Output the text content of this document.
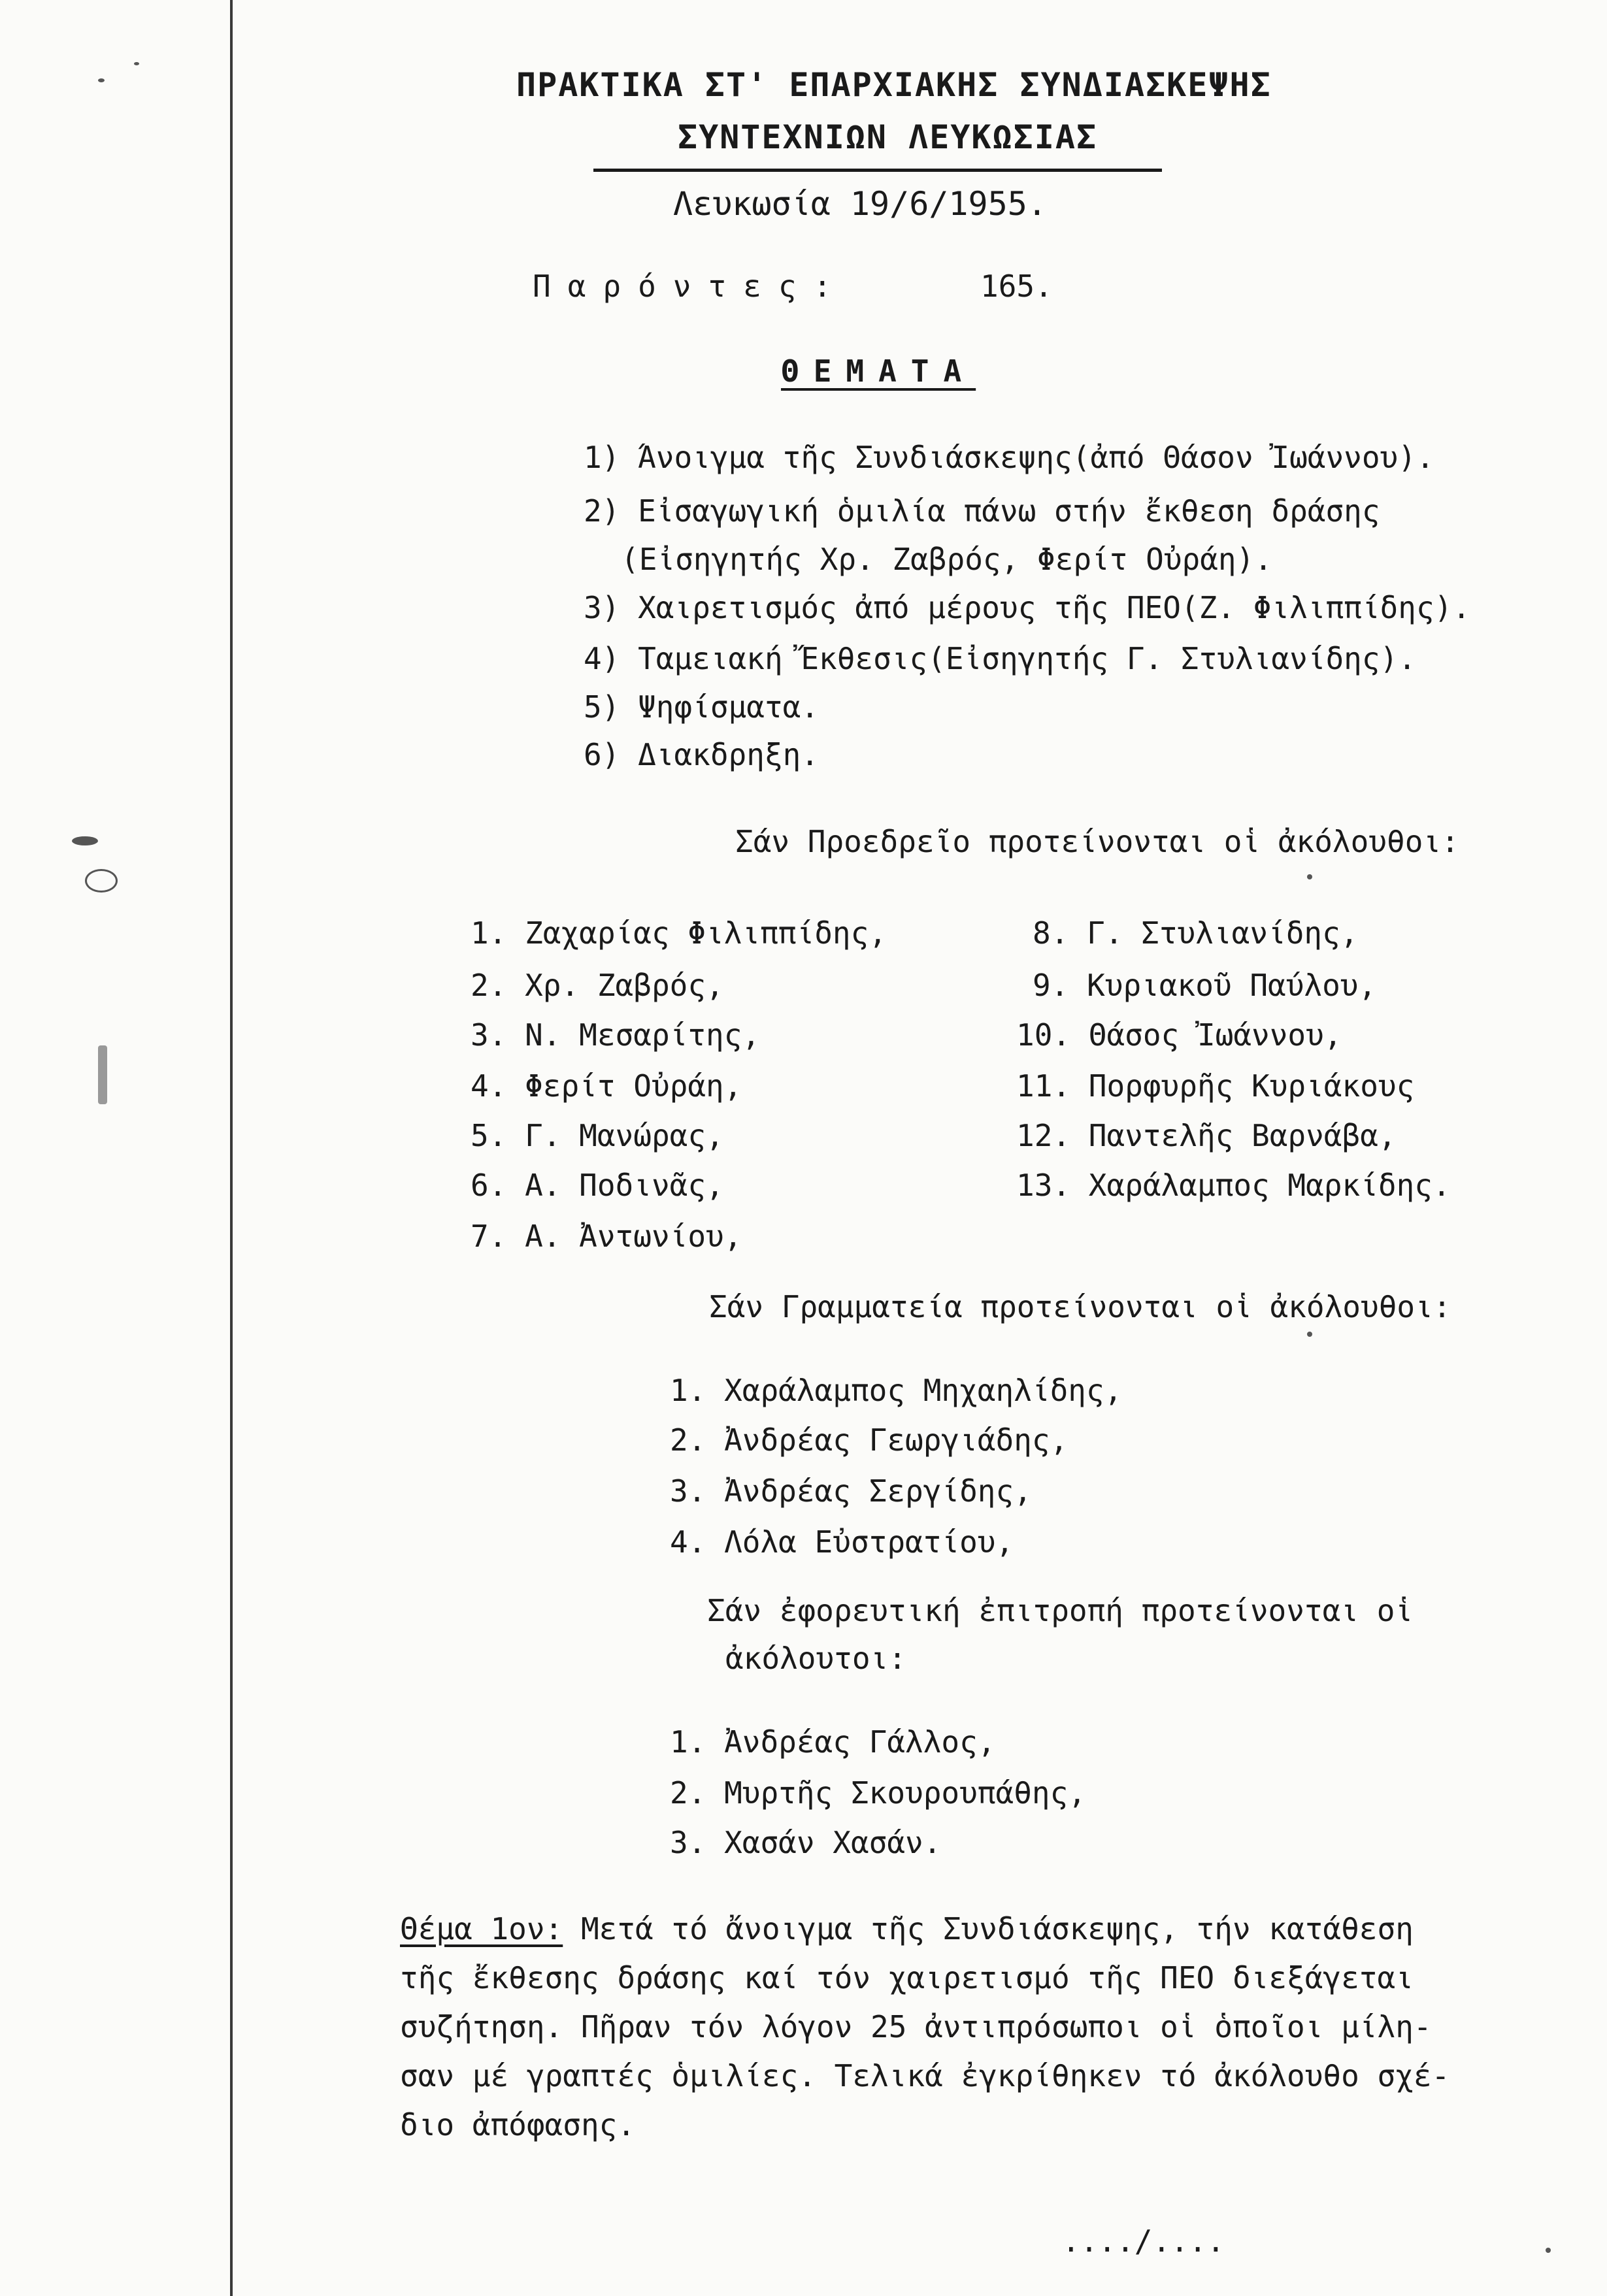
ΠΡΑΚΤΙΚΑ ΣΤ' ΕΠΑΡΧΙΑΚΗΣ ΣΥΝΔΙΑΣΚΕΨΗΣ
ΣΥΝΤΕΧΝΙΩΝ ΛΕΥΚΩΣΙΑΣ
Λευκωσία 19/6/1955.
Παρόντες:	165.
ΘΕΜΑΤΑ
1) Άνοιγμα τῆς Συνδιάσκεψης(ἀπό Θάσον Ἰωάννου).
2) Εἰσαγωγική ὁμιλία πάνω στήν ἔκθεση δράσης
(Εἰσηγητής Χρ. Ζαβρός, Φερίτ Οὐράη).
3) Χαιρετισμός ἀπό μέρους τῆς ΠΕΟ(Ζ. Φιλιππίδης).
4) Ταμειακή Ἔκθεσις(Εἰσηγητής Γ. Στυλιανίδης).
5) Ψηφίσματα.
6) Διακδρηξη.
Σάν Προεδρεῖο προτείνονται οἱ ἀκόλουθοι:
1. Ζαχαρίας Φιλιππίδης,
2. Χρ. Ζαβρός,
3. Ν. Μεσαρίτης,
4. Φερίτ Οὐράη,
5. Γ. Μανώρας,
6. Α. Ποδινᾶς,
7. Α. Ἀντωνίου,
8. Γ. Στυλιανίδης,
9. Κυριακοῦ Παύλου,
10. Θάσος Ἰωάννου,
11. Πορφυρῆς Κυριάκους
12. Παντελῆς Βαρνάβα,
13. Χαράλαμπος Μαρκίδης.
Σάν Γραμματεία προτείνονται οἱ ἀκόλουθοι:
1. Χαράλαμπος Μηχαηλίδης,
2. Ἀνδρέας Γεωργιάδης,
3. Ἀνδρέας Σεργίδης,
4. Λόλα Εὐστρατίου,
Σάν ἐφορευτική ἐπιτροπή προτείνονται οἱ
ἀκόλουτοι:
1. Ἀνδρέας Γάλλος,
2. Μυρτῆς Σκουρουπάθης,
3. Χασάν Χασάν.

Θέμα 1ον: Μετά τό ἄνοιγμα τῆς Συνδιάσκεψης, τήν κατάθεση

τῆς ἔκθεσης δράσης καί τόν χαιρετισμό τῆς ΠΕΟ διεξάγεται

συζήτηση. Πῆραν τόν λόγον 25 ἀντιπρόσωποι οἱ ὁποῖοι μίλη-

σαν μέ γραπτές ὁμιλίες. Τελικά ἐγκρίθηκεν τό ἀκόλουθο σχέ-

διο ἀπόφασης.

..../....
